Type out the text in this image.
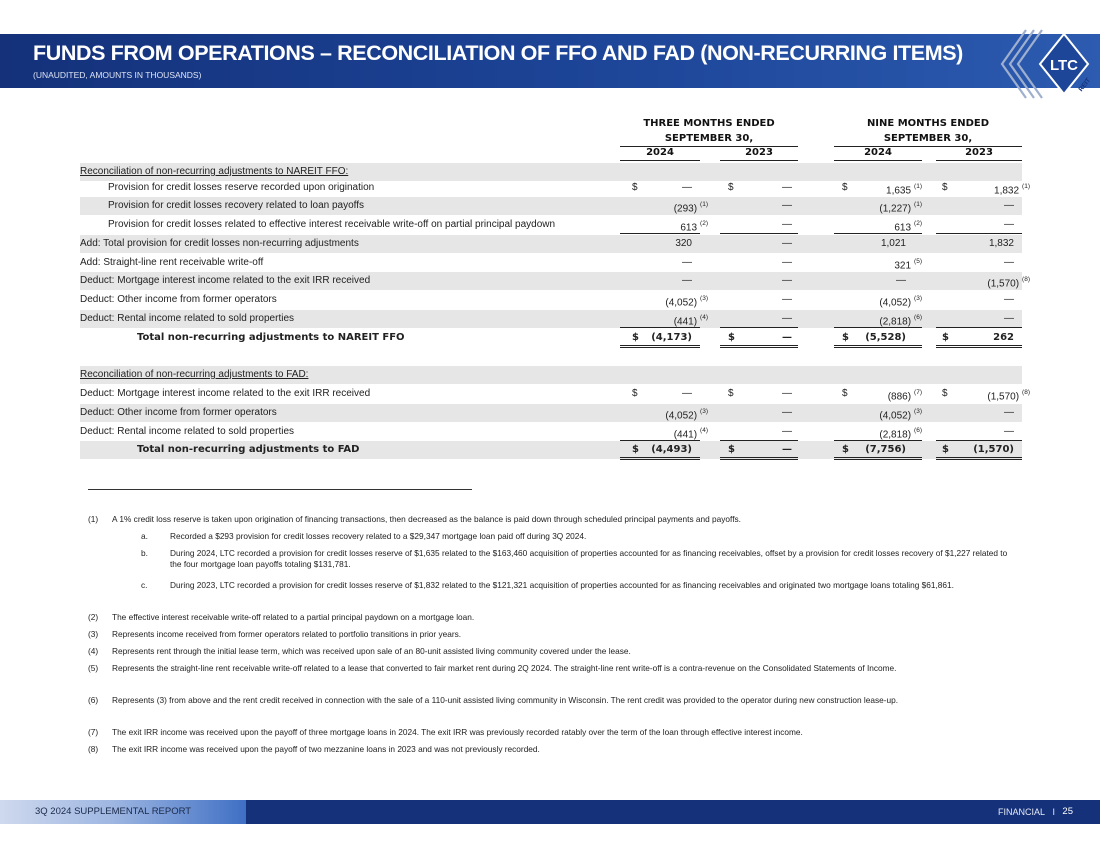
FUNDS FROM OPERATIONS – RECONCILIATION OF FFO AND FAD (NON-RECURRING ITEMS)
(UNAUDITED, AMOUNTS IN THOUSANDS)
LTC
REIT
THREE MONTHS ENDED
SEPTEMBER 30,
NINE MONTHS ENDED
SEPTEMBER 30,
2024	2023	2024	2023
Reconciliation of non-recurring adjustments to NAREIT FFO:
Provision for credit losses reserve recorded upon origination	$	—	$	—	$	1,635 $^{(1)}$ $	1,832 $^{(1)}$
Provision for credit losses recovery related to loan payoffs	(293) $^{(1)}$	—	(1,227) $^{(1)}$	—
Provision for credit losses related to effective interest receivable write-off on partial principal paydown	613 $^{(2)}$	—	613 $^{(2)}$	—
Add: Total provision for credit losses non-recurring adjustments	320	—	1,021	1,832
Add: Straight-line rent receivable write-off	—	—	321 $^{(5)}$	—
Deduct: Mortgage interest income related to the exit IRR received	—	—	—	(1,570) $^{(8)}$
Deduct: Other income from former operators	(4,052) $^{(3)}$	—	(4,052) $^{(3)}$	—
Deduct: Rental income related to sold properties	(441) $^{(4)}$	—	(2,818) $^{(6)}$	—
Total non-recurring adjustments to NAREIT FFO	$ (4,173)	$	—	$ (5,528)	$	262
Reconciliation of non-recurring adjustments to FAD:
Deduct: Mortgage interest income related to the exit IRR received	$	—	$	—	$	(886) $^{(7)}$ $	(1,570) $^{(8)}$
Deduct: Other income from former operators	(4,052) $^{(3)}$	—	(4,052) $^{(3)}$	—
Deduct: Rental income related to sold properties	(441) $^{(4)}$	—	(2,818) $^{(6)}$	—
Total non-recurring adjustments to FAD	$ (4,493)	$	—	$ (7,756)	$ (1,570)
(1) A 1% credit loss reserve is taken upon origination of financing transactions, then decreased as the balance is paid down through scheduled principal payments and payoffs.
a.	Recorded a $293 provision for credit losses recovery related to a $29,347 mortgage loan paid off during 3Q 2024.
b.	During 2024, LTC recorded a provision for credit losses reserve of $1,635 related to the $163,460 acquisition of properties accounted for as financing receivables, offset by a provision for credit losses recovery of $1,227 related to the four mortgage loan payoffs totaling $131,781.
c.	During 2023, LTC recorded a provision for credit losses reserve of $1,832 related to the $121,321 acquisition of properties accounted for as financing receivables and originated two mortgage loans totaling $61,861.
(2) The effective interest receivable write-off related to a partial principal paydown on a mortgage loan.
(3) Represents income received from former operators related to portfolio transitions in prior years.
(4) Represents rent through the initial lease term, which was received upon sale of an 80-unit assisted living community covered under the lease.
(5) Represents the straight-line rent receivable write-off related to a lease that converted to fair market rent during 2Q 2024. The straight-line rent write-off is a contra-revenue on the Consolidated Statements of Income.
(6) Represents (3) from above and the rent credit received in connection with the sale of a 110-unit assisted living community in Wisconsin. The rent credit was provided to the operator during new construction lease-up.
(7) The exit IRR income was received upon the payoff of three mortgage loans in 2024. The exit IRR was previously recorded ratably over the term of the loan through effective interest income.
(8) The exit IRR income was received upon the payoff of two mezzanine loans in 2023 and was not previously recorded.
3Q 2024 SUPPLEMENTAL REPORT	FINANCIAL I 25
